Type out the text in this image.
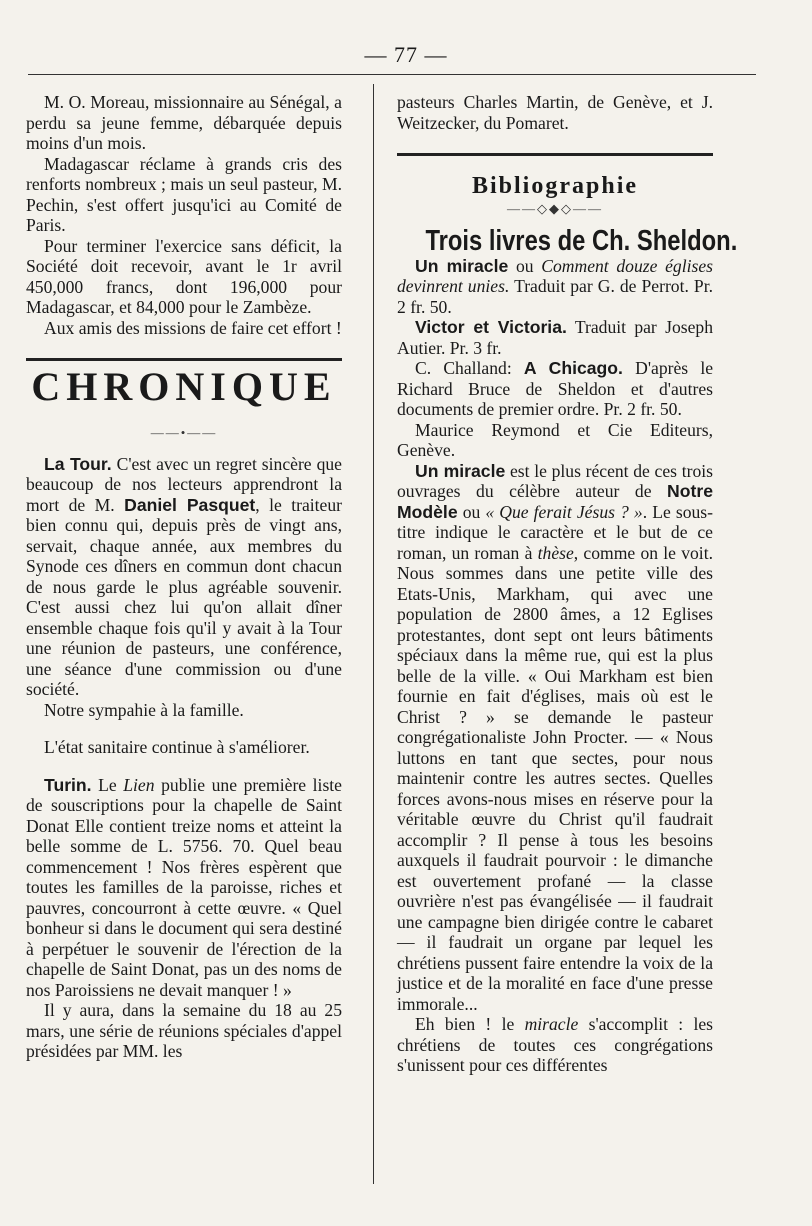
— 77 —

M. O. Moreau, missionnaire au Sénégal, a perdu sa jeune femme, débarquée depuis moins d'un mois.

Madagascar réclame à grands cris des renforts nombreux ; mais un seul pasteur, M. Pechin, s'est offert jusqu'ici au Comité de Paris.

Pour terminer l'exercice sans déficit, la Société doit recevoir, avant le 1r avril 450,000 francs, dont 196,000 pour Madagascar, et 84,000 pour le Zambèze.

Aux amis des missions de faire cet effort !

CHRONIQUE
——•——

La Tour. C'est avec un regret sincère que beaucoup de nos lecteurs apprendront la mort de M. Daniel Pasquet, le traiteur bien connu qui, depuis près de vingt ans, servait, chaque année, aux membres du Synode ces dîners en commun dont chacun de nous garde le plus agréable souvenir. C'est aussi chez lui qu'on allait dîner ensemble chaque fois qu'il y avait à la Tour une réunion de pasteurs, une conférence, une séance d'une commission ou d'une société.

Notre sympahie à la famille.

L'état sanitaire continue à s'améliorer.

Turin. Le Lien publie une première liste de souscriptions pour la chapelle de Saint Donat Elle contient treize noms et atteint la belle somme de L. 5756. 70. Quel beau commencement ! Nos frères espèrent que toutes les familles de la paroisse, riches et pauvres, concourront à cette œuvre. « Quel bonheur si dans le document qui sera destiné à perpétuer le souvenir de l'érection de la chapelle de Saint Donat, pas un des noms de nos Paroissiens ne devait manquer ! »

Il y aura, dans la semaine du 18 au 25 mars, une série de réunions spéciales d'appel présidées par MM. les

pasteurs Charles Martin, de Genève, et J. Weitzecker, du Pomaret.

Bibliographie
——◇◆◇——
Trois livres de Ch. Sheldon.

Un miracle ou Comment douze églises devinrent unies. Traduit par G. de Perrot. Pr. 2 fr. 50.

Victor et Victoria. Traduit par Joseph Autier. Pr. 3 fr.

C. Challand: A Chicago. D'après le Richard Bruce de Sheldon et d'autres documents de premier ordre. Pr. 2 fr. 50.

Maurice Reymond et Cie Editeurs, Genève.

Un miracle est le plus récent de ces trois ouvrages du célèbre auteur de Notre Modèle ou « Que ferait Jésus ? ». Le sous-titre indique le caractère et le but de ce roman, un roman à thèse, comme on le voit. Nous sommes dans une petite ville des Etats-Unis, Markham, qui avec une population de 2800 âmes, a 12 Eglises protestantes, dont sept ont leurs bâtiments spéciaux dans la même rue, qui est la plus belle de la ville. « Oui Markham est bien fournie en fait d'églises, mais où est le Christ ? » se demande le pasteur congrégationaliste John Procter. — « Nous luttons en tant que sectes, pour nous maintenir contre les autres sectes. Quelles forces avons-nous mises en réserve pour la véritable œuvre du Christ qu'il faudrait accomplir ? Il pense à tous les besoins auxquels il faudrait pourvoir : le dimanche est ouvertement profané — la classe ouvrière n'est pas évangélisée — il faudrait une campagne bien dirigée contre le cabaret — il faudrait un organe par lequel les chrétiens pussent faire entendre la voix de la justice et de la moralité en face d'une presse immorale...

Eh bien ! le miracle s'accomplit : les chrétiens de toutes ces congrégations s'unissent pour ces différentes
